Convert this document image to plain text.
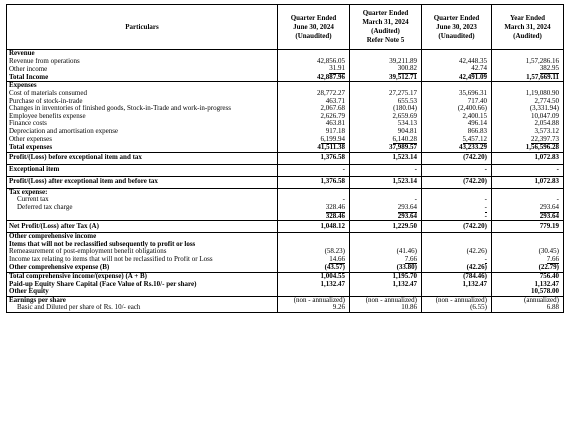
Particulars	Quarter Ended
June 30, 2024
(Unaudited)	Quarter Ended
March 31, 2024
(Audited)
Refer Note 5	Quarter Ended
June 30, 2023
(Unaudited)	Year Ended
March 31, 2024
(Audited)

Revenue				
Revenue from operations	42,856.05	39,211.89	42,448.35	1,57,286.16
Other income	31.91	300.82	42.74	382.95
Total Income	42,887.96	39,512.71	42,491.09	1,57,669.11
Expenses				
Cost of materials consumed	28,772.27	27,275.17	35,696.31	1,19,080.90
Purchase of stock-in-trade	463.71	655.53	717.40	2,774.50
Changes in inventories of finished goods, Stock-in-Trade and work-in-progress	2,067.68	(180.04)	(2,400.66)	(3,331.94)
Employee benefits expense	2,626.79	2,659.69	2,400.15	10,047.09
Finance costs	463.81	534.13	496.14	2,054.88
Depreciation and amortisation expense	917.18	904.81	866.83	3,573.12
Other expenses	6,199.94	6,140.28	5,457.12	22,397.73
Total expenses	41,511.38	37,989.57	43,233.29	1,56,596.28
Profit/(Loss) before exceptional item and tax	1,376.58	1,523.14	(742.20)	1,072.83
Exceptional item	-	-	-	-
Profit/(Loss) after exceptional item and before tax	1,376.58	1,523.14	(742.20)	1,072.83
Tax expense:				
Current tax	-	-	-	-
Deferred tax charge	328.46	293.64	-	293.64
	328.46	293.64	-	293.64
Net Profit/(Loss) after Tax (A)	1,048.12	1,229.50	(742.20)	779.19
Other comprehensive income				
Items that will not be reclassified subsequently to profit or loss				
Remeasurement of post-employment benefit obligations	(58.23)	(41.46)	(42.26)	(30.45)
Income tax relating to items that will not be reclassified to Profit or Loss	14.66	7.66	-	7.66
Other comprehensive expense (B)	(43.57)	(33.80)	(42.26)	(22.79)
Total comprehensive income/(expense) (A + B)	1,004.55	1,195.70	(784.46)	756.40
Paid-up Equity Share Capital (Face Value of Rs.10/- per share)	1,132.47	1,132.47	1,132.47	1,132.47
Other Equity				10,578.00
Earnings per share	(non - annualized)	(non - annualized)	(non - annualized)	(annualized)
Basic and Diluted per share of Rs. 10/- each	9.26	10.86	(6.55)	6.88
